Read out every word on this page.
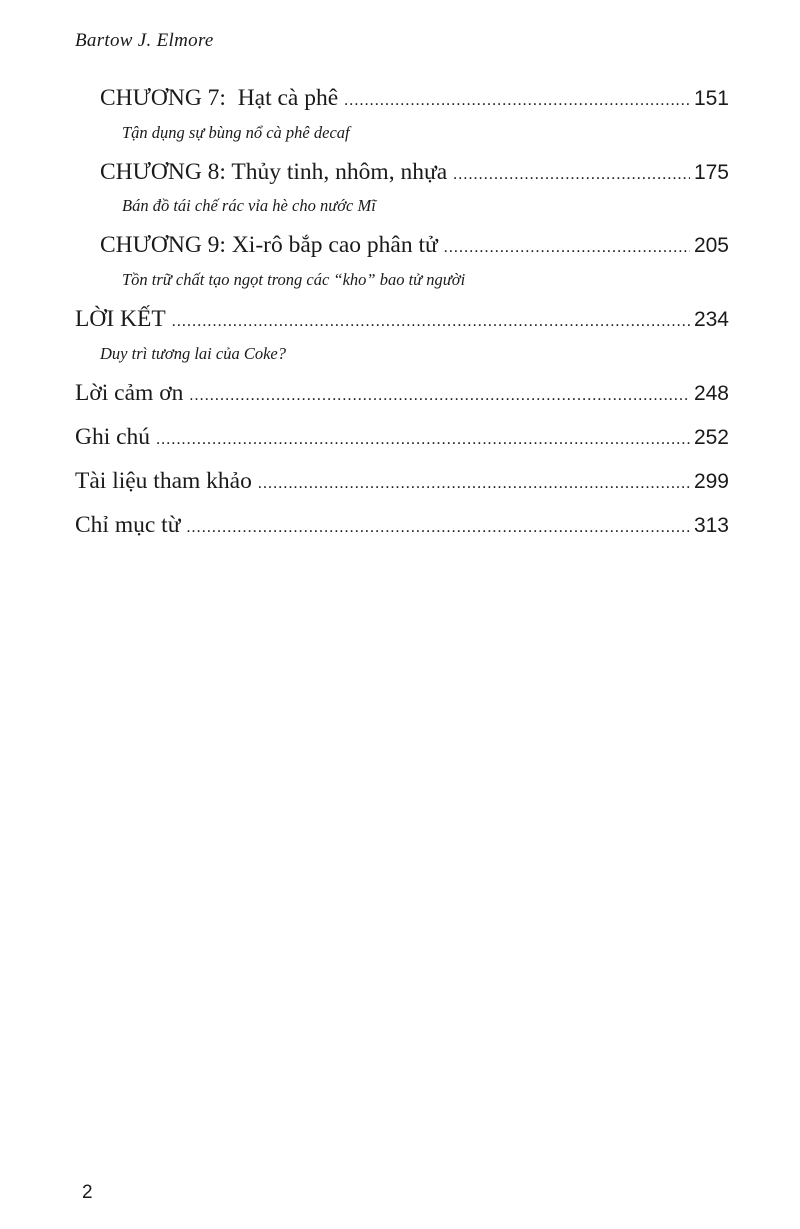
Bartow J. Elmore
CHƯƠNG 7:  Hạt cà phê .....	151
Tận dụng sự bùng nổ cà phê decaf
CHƯƠNG 8: Thủy tinh, nhôm, nhựa .....	175
Bán đồ tái chế rác vỉa hè cho nước Mĩ
CHƯƠNG 9: Xi-rô bắp cao phân tử .....	205
Tồn trữ chất tạo ngọt trong các “kho” bao tử người
LỜI KẾT .....	234
Duy trì tương lai của Coke?
Lời cảm ơn .....	248
Ghi chú .....	252
Tài liệu tham khảo .....	299
Chỉ mục từ .....	313
2
